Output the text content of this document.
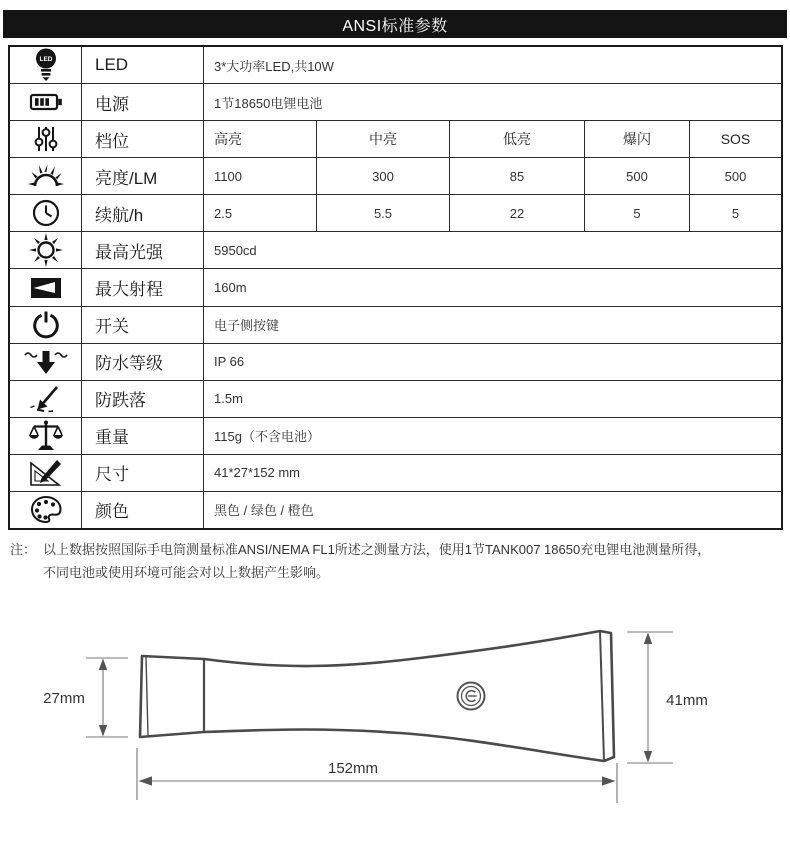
ANSI标准参数
LED	LED	3*大功率LED,共10W
电源	1节18650电锂电池
档位	高亮	中亮	低亮	爆闪	SOS
亮度/LM	1100	300	85	500	500
续航/h	2.5	5.5	22	5	5
最高光强	5950cd
最大射程	160m
开关	电子侧按键
防水等级	IP 66
防跌落	1.5m
重量	115g（不含电池）
尺寸	41*27*152 mm
颜色	黑色 / 绿色 / 橙色
注： 以上数据按照国际手电筒测量标准ANSI/NEMA FL1所述之测量方法，使用1节TANK007 18650充电锂电池测量所得，
不同电池或使用环境可能会对以上数据产生影响。
27mm	41mm
152mm
